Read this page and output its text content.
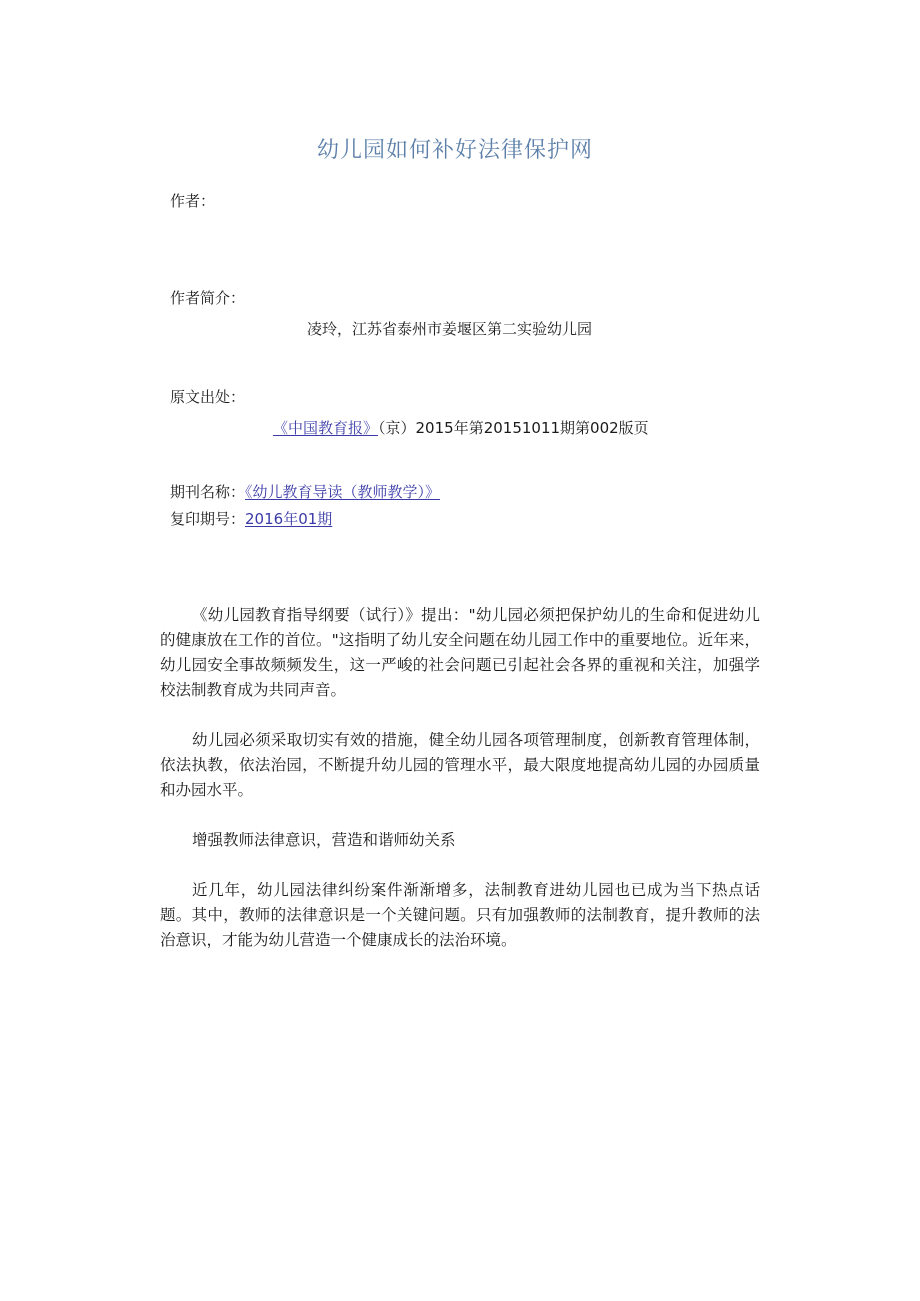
幼儿园如何补好法律保护网
作者：
作者简介：
凌玲，江苏省泰州市姜堰区第二实验幼儿园
原文出处：
《中国教育报》（京）2015年第20151011期第002版页
期刊名称：《幼儿教育导读（教师教学）》
复印期号：2016年01期

《幼儿园教育指导纲要（试行）》提出："幼儿园必须把保护幼儿的生命和促进幼儿的健康放在工作的首位。"这指明了幼儿安全问题在幼儿园工作中的重要地位。近年来，幼儿园安全事故频频发生，这一严峻的社会问题已引起社会各界的重视和关注，加强学校法制教育成为共同声音。

幼儿园必须采取切实有效的措施，健全幼儿园各项管理制度，创新教育管理体制，依法执教，依法治园，不断提升幼儿园的管理水平，最大限度地提高幼儿园的办园质量和办园水平。

增强教师法律意识，营造和谐师幼关系

近几年，幼儿园法律纠纷案件渐渐增多，法制教育进幼儿园也已成为当下热点话题。其中，教师的法律意识是一个关键问题。只有加强教师的法制教育，提升教师的法治意识，才能为幼儿营造一个健康成长的法治环境。
